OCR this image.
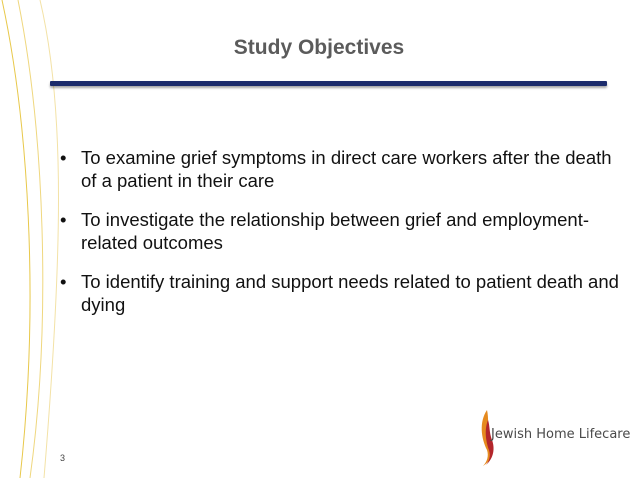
Study Objectives
• To examine grief symptoms in direct care workers after the death of a patient in their care
• To investigate the relationship between grief and employment-related outcomes
• To identify training and support needs related to patient death and dying
3
Jewish Home Lifecare
